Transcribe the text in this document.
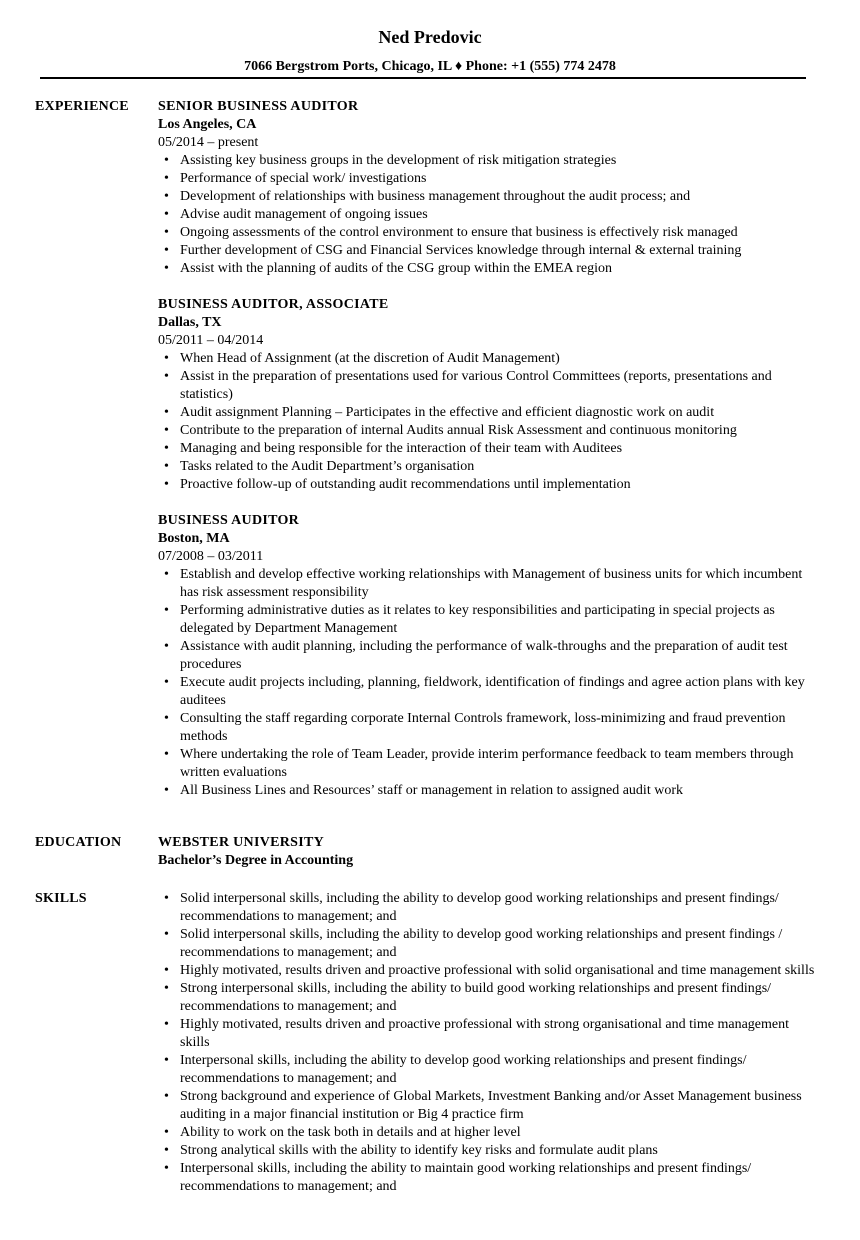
Ned Predovic
7066 Bergstrom Ports, Chicago, IL ♦ Phone: +1 (555) 774 2478
EXPERIENCE SENIOR BUSINESS AUDITOR
Los Angeles, CA
05/2014 – present
• Assisting key business groups in the development of risk mitigation strategies
• Performance of special work/ investigations
• Development of relationships with business management throughout the audit process; and
• Advise audit management of ongoing issues
• Ongoing assessments of the control environment to ensure that business is effectively risk managed
• Further development of CSG and Financial Services knowledge through internal & external training
• Assist with the planning of audits of the CSG group within the EMEA region
BUSINESS AUDITOR, ASSOCIATE
Dallas, TX
05/2011 – 04/2014
• When Head of Assignment (at the discretion of Audit Management)
• Assist in the preparation of presentations used for various Control Committees (reports, presentations and statistics)
• Audit assignment Planning – Participates in the effective and efficient diagnostic work on audit
• Contribute to the preparation of internal Audits annual Risk Assessment and continuous monitoring
• Managing and being responsible for the interaction of their team with Auditees
• Tasks related to the Audit Department’s organisation
• Proactive follow-up of outstanding audit recommendations until implementation
BUSINESS AUDITOR
Boston, MA
07/2008 – 03/2011
• Establish and develop effective working relationships with Management of business units for which incumbent has risk assessment responsibility
• Performing administrative duties as it relates to key responsibilities and participating in special projects as delegated by Department Management
• Assistance with audit planning, including the performance of walk-throughs and the preparation of audit test procedures
• Execute audit projects including, planning, fieldwork, identification of findings and agree action plans with key auditees
• Consulting the staff regarding corporate Internal Controls framework, loss-minimizing and fraud prevention methods
• Where undertaking the role of Team Leader, provide interim performance feedback to team members through written evaluations
• All Business Lines and Resources’ staff or management in relation to assigned audit work
EDUCATION	WEBSTER UNIVERSITY
Bachelor’s Degree in Accounting
SKILLS
•	Solid interpersonal skills, including the ability to develop good working relationships and present findings/ recommendations to management; and
• Solid interpersonal skills, including the ability to develop good working relationships and present findings / recommendations to management; and
• Highly motivated, results driven and proactive professional with solid organisational and time management skills
• Strong interpersonal skills, including the ability to build good working relationships and present findings/ recommendations to management; and
• Highly motivated, results driven and proactive professional with strong organisational and time management skills
• Interpersonal skills, including the ability to develop good working relationships and present findings/ recommendations to management; and
• Strong background and experience of Global Markets, Investment Banking and/or Asset Management business auditing in a major financial institution or Big 4 practice firm
• Ability to work on the task both in details and at higher level
• Strong analytical skills with the ability to identify key risks and formulate audit plans
• Interpersonal skills, including the ability to maintain good working relationships and present findings/ recommendations to management; and
